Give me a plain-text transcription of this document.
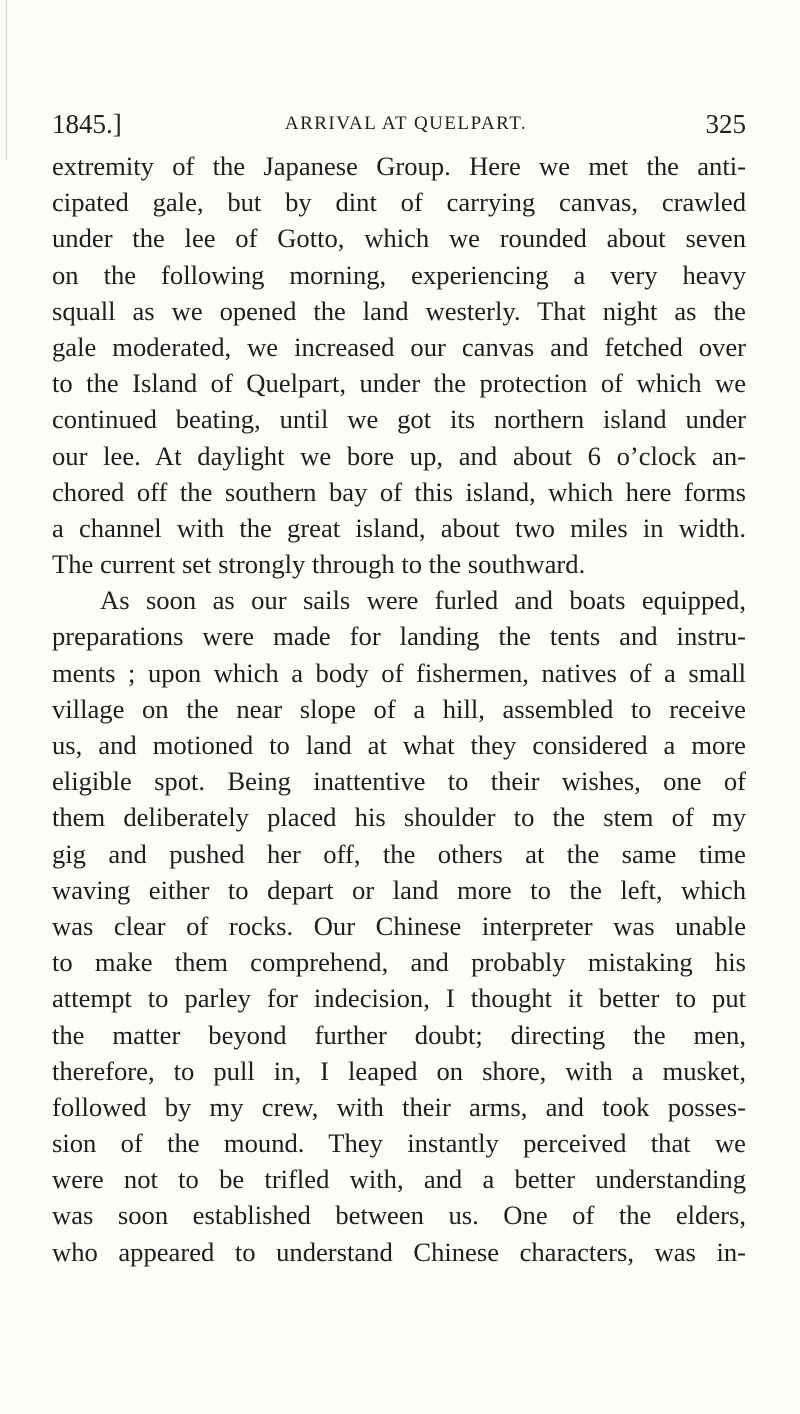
1845.]	ARRIVAL AT QUELPART.	325
extremity of the Japanese Group. Here we met the anti-
cipated gale, but by dint of carrying canvas, crawled
under the lee of Gotto, which we rounded about seven
on the following morning, experiencing a very heavy
squall as we opened the land westerly. That night as the
gale moderated, we increased our canvas and fetched over
to the Island of Quelpart, under the protection of which we
continued beating, until we got its northern island under
our lee. At daylight we bore up, and about 6 o’clock an-
chored off the southern bay of this island, which here forms
a channel with the great island, about two miles in width.
The current set strongly through to the southward.
As soon as our sails were furled and boats equipped,
preparations were made for landing the tents and instru-
ments ; upon which a body of fishermen, natives of a small
village on the near slope of a hill, assembled to receive
us, and motioned to land at what they considered a more
eligible spot. Being inattentive to their wishes, one of
them deliberately placed his shoulder to the stem of my
gig and pushed her off, the others at the same time
waving either to depart or land more to the left, which
was clear of rocks. Our Chinese interpreter was unable
to make them comprehend, and probably mistaking his
attempt to parley for indecision, I thought it better to put
the matter beyond further doubt; directing the men,
therefore, to pull in, I leaped on shore, with a musket,
followed by my crew, with their arms, and took posses-
sion of the mound. They instantly perceived that we
were not to be trifled with, and a better understanding
was soon established between us. One of the elders,
who appeared to understand Chinese characters, was in-
